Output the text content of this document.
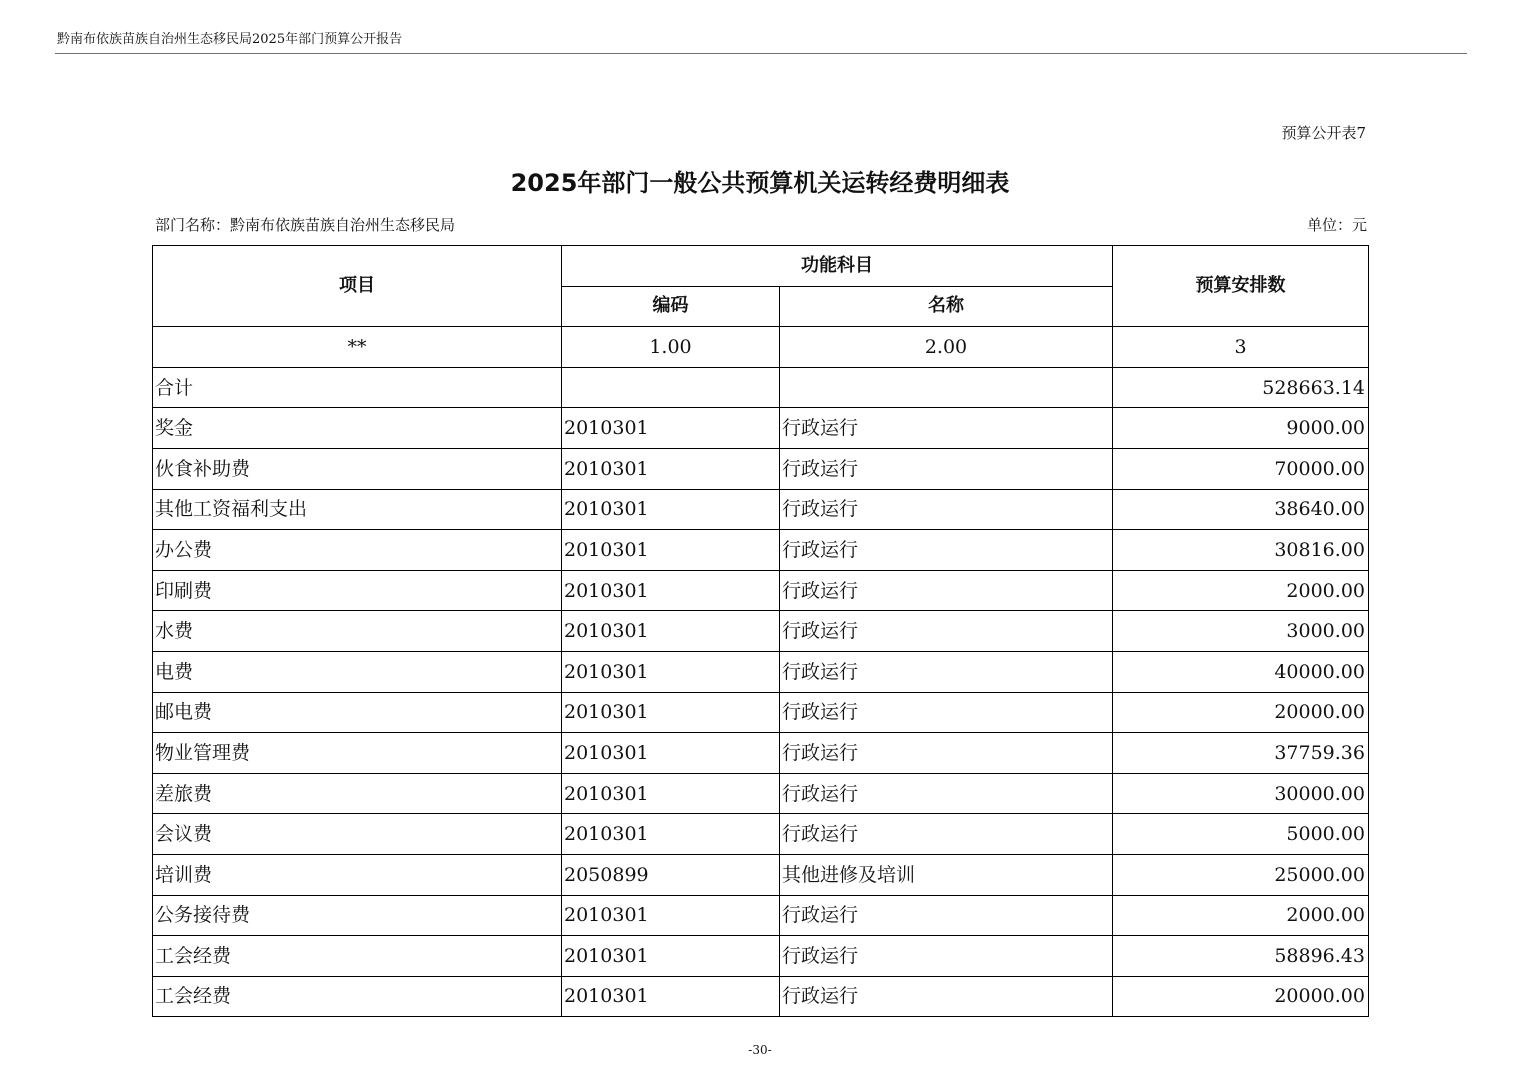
黔南布依族苗族自治州生态移民局2025年部门预算公开报告
预算公开表7
2025年部门一般公共预算机关运转经费明细表
部门名称：黔南布依族苗族自治州生态移民局	单位：元
项目	功能科目		预算安排数
	编码	名称	
**	1.00	2.00	3
合计			528663.14
奖金	2010301	行政运行	9000.00
伙食补助费	2010301	行政运行	70000.00
其他工资福利支出	2010301	行政运行	38640.00
办公费	2010301	行政运行	30816.00
印刷费	2010301	行政运行	2000.00
水费	2010301	行政运行	3000.00
电费	2010301	行政运行	40000.00
邮电费	2010301	行政运行	20000.00
物业管理费	2010301	行政运行	37759.36
差旅费	2010301	行政运行	30000.00
会议费	2010301	行政运行	5000.00
培训费	2050899	其他进修及培训	25000.00
公务接待费	2010301	行政运行	2000.00
工会经费	2010301	行政运行	58896.43
工会经费	2010301	行政运行	20000.00
-30-
